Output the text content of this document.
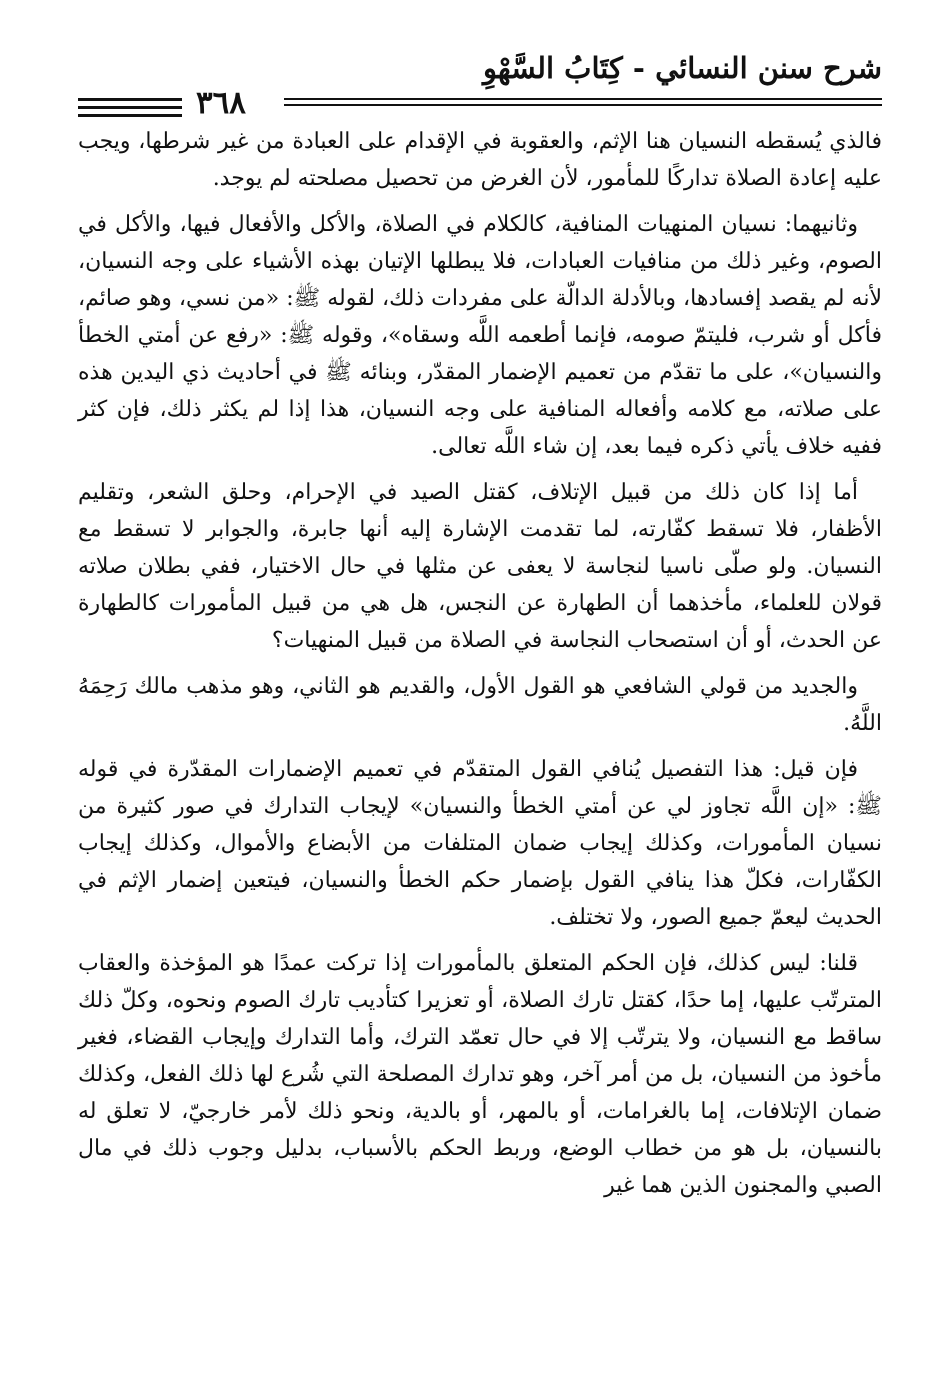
شرح سنن النسائي - كِتَابُ السَّهْوِ
٣٦٨

فالذي يُسقطه النسيان هنا الإثم، والعقوبة في الإقدام على العبادة من غير شرطها، ويجب عليه إعادة الصلاة تداركًا للمأمور، لأن الغرض من تحصيل مصلحته لم يوجد.

وثانيهما: نسيان المنهيات المنافية، كالكلام في الصلاة، والأكل والأفعال فيها، والأكل في الصوم، وغير ذلك من منافيات العبادات، فلا يبطلها الإتيان بهذه الأشياء على وجه النسيان، لأنه لم يقصد إفسادها، وبالأدلة الدالّة على مفردات ذلك، لقوله ﷺ: «من نسي، وهو صائم، فأكل أو شرب، فليتمّ صومه، فإنما أطعمه اللَّه وسقاه»، وقوله ﷺ: «رفع عن أمتي الخطأ والنسيان»، على ما تقدّم من تعميم الإضمار المقدّر، وبنائه ﷺ في أحاديث ذي اليدين هذه على صلاته، مع كلامه وأفعاله المنافية على وجه النسيان، هذا إذا لم يكثر ذلك، فإن كثر ففيه خلاف يأتي ذكره فيما بعد، إن شاء اللَّه تعالى.

أما إذا كان ذلك من قبيل الإتلاف، كقتل الصيد في الإحرام، وحلق الشعر، وتقليم الأظفار، فلا تسقط كفّارته، لما تقدمت الإشارة إليه أنها جابرة، والجوابر لا تسقط مع النسيان. ولو صلّى ناسيا لنجاسة لا يعفى عن مثلها في حال الاختيار، ففي بطلان صلاته قولان للعلماء، مأخذهما أن الطهارة عن النجس، هل هي من قبيل المأمورات كالطهارة عن الحدث، أو أن استصحاب النجاسة في الصلاة من قبيل المنهيات؟

والجديد من قولي الشافعي هو القول الأول، والقديم هو الثاني، وهو مذهب مالك رَحِمَهُ اللَّهُ.

فإن قيل: هذا التفصيل يُنافي القول المتقدّم في تعميم الإضمارات المقدّرة في قوله ﷺ: «إن اللَّه تجاوز لي عن أمتي الخطأ والنسيان» لإيجاب التدارك في صور كثيرة من نسيان المأمورات، وكذلك إيجاب ضمان المتلفات من الأبضاع والأموال، وكذلك إيجاب الكفّارات، فكلّ هذا ينافي القول بإضمار حكم الخطأ والنسيان، فيتعين إضمار الإثم في الحديث ليعمّ جميع الصور، ولا تختلف.

قلنا: ليس كذلك، فإن الحكم المتعلق بالمأمورات إذا تركت عمدًا هو المؤخذة والعقاب المترتّب عليها، إما حدًا، كقتل تارك الصلاة، أو تعزيرا كتأديب تارك الصوم ونحوه، وكلّ ذلك ساقط مع النسيان، ولا يترتّب إلا في حال تعمّد الترك، وأما التدارك وإيجاب القضاء، فغير مأخوذ من النسيان، بل من أمر آخر، وهو تدارك المصلحة التي شُرع لها ذلك الفعل، وكذلك ضمان الإتلافات، إما بالغرامات، أو بالمهر، أو بالدية، ونحو ذلك لأمر خارجيّ، لا تعلق له بالنسيان، بل هو من خطاب الوضع، وربط الحكم بالأسباب، بدليل وجوب ذلك في مال الصبي والمجنون الذين هما غير
